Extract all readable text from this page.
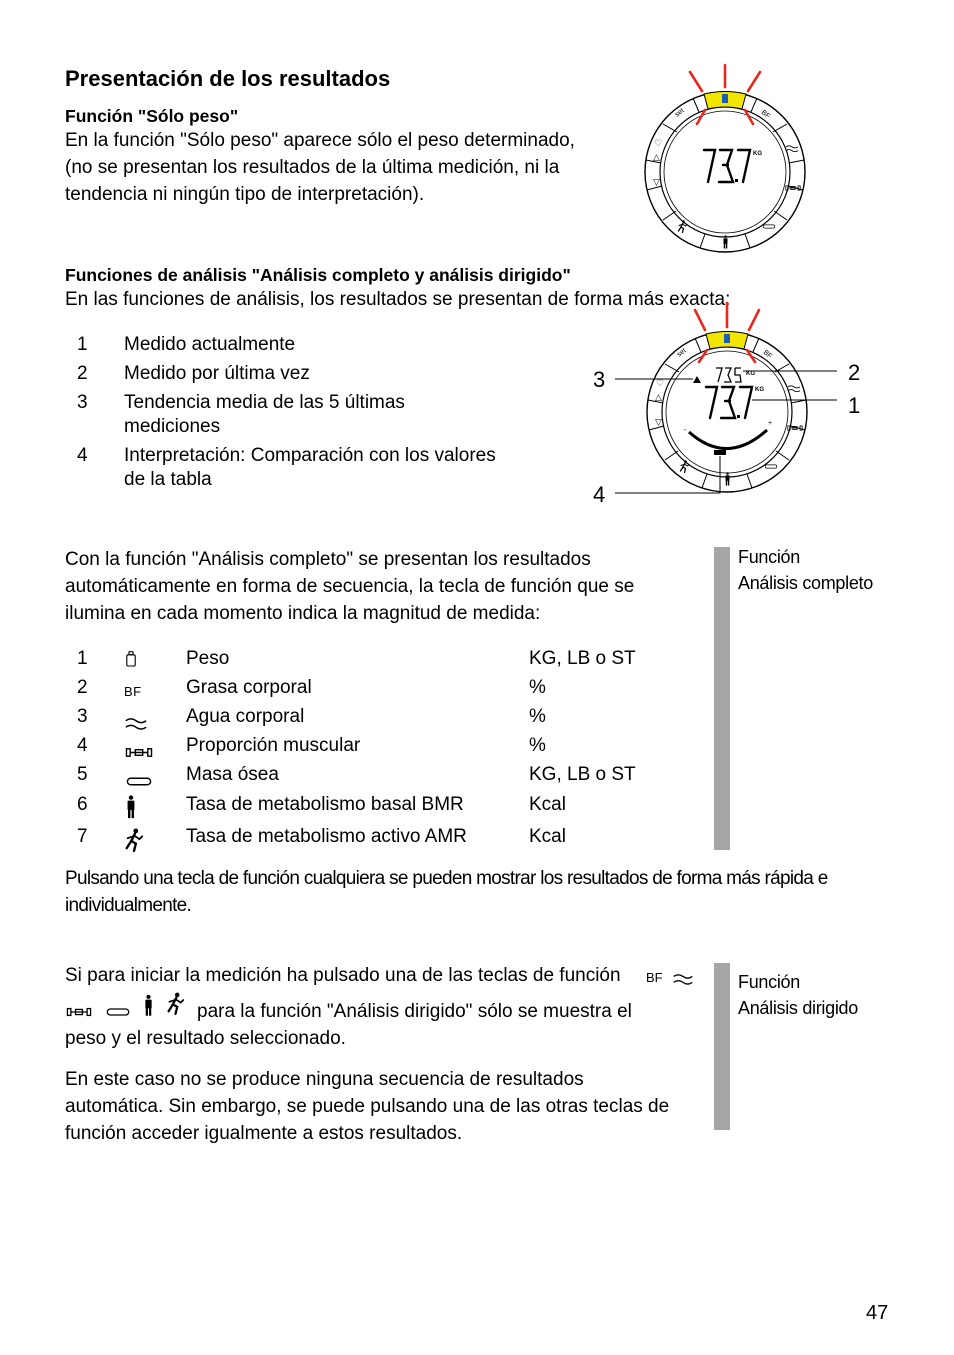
Presentación de los resultados
Función "Sólo peso"
En la función "Sólo peso" aparece sólo el peso determinado,
(no se presentan los resultados de la última medición, ni la
tendencia ni ningún tipo de interpretación).
set	BF
♡
△
▽
KG
Funciones de análisis "Análisis completo y análisis dirigido"
En las funciones de análisis, los resultados se presentan de forma más exacta:
1 Medido actualmente
2 Medido por última vez
3 Tendencia media de las 5 últimas
mediciones
4 Interpretación: Comparación con los valores
de la tabla
set	BF
♡
△
▽
KG
KG
-
+
3	2
1
4
Con la función "Análisis completo" se presentan los resultados
automáticamente en forma de secuencia, la tecla de función que se
ilumina en cada momento indica la magnitud de medida:
Función
Análisis completo
1	Peso	KG, LB o ST
2	BF Grasa corporal	%
3	Agua corporal	%
4	Proporción muscular	%
5	Masa ósea	KG, LB o ST
6	Tasa de metabolismo basal BMR	Kcal
7	Tasa de metabolismo activo AMR	Kcal
Pulsando una tecla de función cualquiera se pueden mostrar los resultados de forma más rápida e
individualmente.
Función
Análisis dirigido
Si para iniciar la medición ha pulsado una de las teclas de función BF
para la función "Análisis dirigido" sólo se muestra el
peso y el resultado seleccionado.
En este caso no se produce ninguna secuencia de resultados
automática. Sin embargo, se puede pulsando una de las otras teclas de
función acceder igualmente a estos resultados.
47
